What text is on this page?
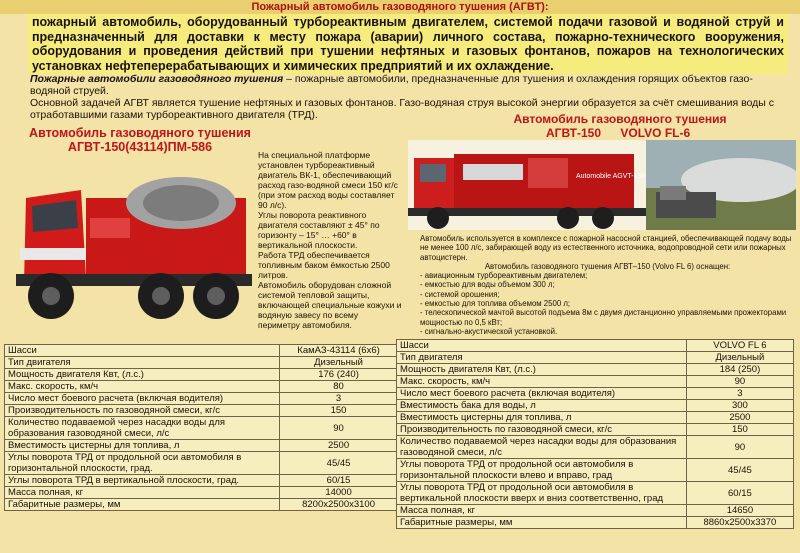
Пожарный автомобиль газоводяного тушения (АГВТ):
пожарный автомобиль, оборудованный турбореактивным двигателем, системой подачи газовой и водяной струй и предназначенный для доставки к месту пожара (аварии) личного состава, пожарно-технического вооружения, оборудования и проведения действий при тушении нефтяных и газовых фонтанов, пожаров на технологических установках нефтеперерабатывающих и химических предприятий и их охлаждение.
Пожарные автомобили газоводяного тушения – пожарные автомобили, предназначенные для тушения и охлаждения горящих объектов газо-водяной струей.
Основной задачей АГВТ является тушение нефтяных и газовых фонтанов. Газо-водяная струя высокой энергии образуется за счёт смешивания воды с отработавшими газами турбореактивного двигателя (ТРД).
Автомобиль газоводяного тушения АГВТ-150(43114)ПМ-586
На специальной платформе установлен турбореактивный двигатель ВК-1, обеспечивающий расход газо-водяной смеси 150 кг/с (при этом расход воды составляет 90 л/с).
Углы поворота реактивного двигателя составляют ± 45° по горизонту – 15° … +60° в вертикальной плоскости.
Работа ТРД обеспечивается топливным баком ёмкостью 2500 литров.
Автомобиль оборудован сложной системой тепловой защиты, включающей специальные кожухи и водяную завесу по всему периметру автомобиля.
Автомобиль газоводяного тушения
АГВТ-150 VOLVO FL-6
Automobile AGVT-150
Автомобиль используется в комплексе с пожарной насосной станцией, обеспечивающей подачу воды не менее 100 л/с, забирающей воду из естественного источника, водопроводной сети или пожарных автоцистерн.
Автомобиль газоводяного тушения АГВТ–150 (Volvo FL 6) оснащен:
- авиационным турбореактивным двигателем;
- емкостью для воды объемом 300 л;
- системой орошения;
- емкостью для топлива объемом 2500 л;
- телескопической мачтой высотой подъема 8м с двумя дистанционно управляемыми прожекторами мощностью по 0,5 кВт;
- сигнально-акустической установкой.
Шасси	КамАЗ-43114 (6х6)
Тип двигателя	Дизельный
Мощность двигателя Квт, (л.с.)	176 (240)
Макс. скорость, км/ч	80
Число мест боевого расчета (включая водителя)	3
Производительность по газоводяной смеси, кг/с	150
Количество подаваемой через насадки воды для образования газоводяной смеси, л/с	90
Вместимость цистерны для топлива, л	2500
Углы поворота ТРД от продольной оси автомобиля в горизонтальной плоскости, град.	45/45
Углы поворота ТРД в вертикальной плоскости, град.	60/15
Масса полная, кг	14000
Габаритные размеры, мм	8200х2500х3100
Шасси	VOLVO FL 6
Тип двигателя	Дизельный
Мощность двигателя Квт, (л.с.)	184 (250)
Макс. скорость, км/ч	90
Число мест боевого расчета (включая водителя)	3
Вместимость бака для воды, л	300
Вместимость цистерны для топлива, л	2500
Производительность по газоводяной смеси, кг/с	150
Количество подаваемой через насадки воды для образования газоводяной смеси, л/с	90
Углы поворота ТРД от продольной оси автомобиля в горизонтальной плоскости влево и вправо, град	45/45
Углы поворота ТРД от продольной оси автомобиля в вертикальной плоскости вверх и вниз соответственно, град	60/15
Масса полная, кг	14650
Габаритные размеры, мм	8860х2500х3370
